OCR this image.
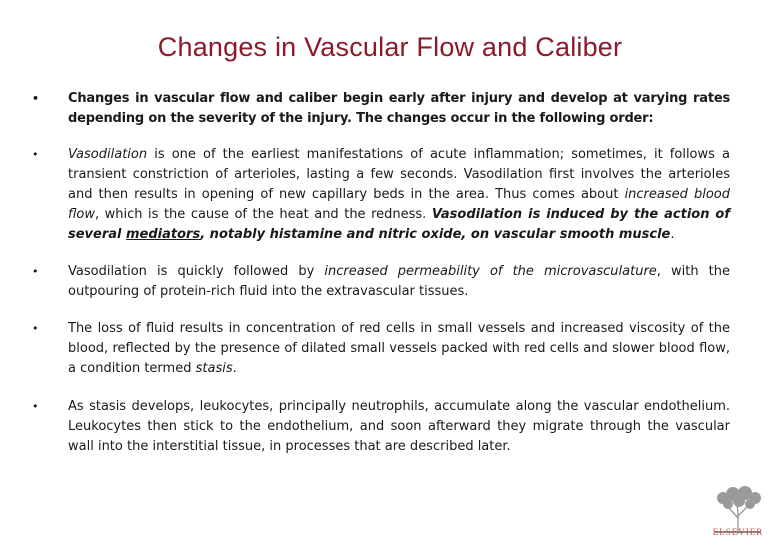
Changes in Vascular Flow and Caliber
• Changes in vascular flow and caliber begin early after injury and develop at varying rates depending on the severity of the injury. The changes occur in the following order:
• Vasodilation is one of the earliest manifestations of acute inflammation; sometimes, it follows a transient constriction of arterioles, lasting a few seconds. Vasodilation first involves the arterioles and then results in opening of new capillary beds in the area. Thus comes about increased blood flow, which is the cause of the heat and the redness. Vasodilation is induced by the action of several mediators, notably histamine and nitric oxide, on vascular smooth muscle.
• Vasodilation is quickly followed by increased permeability of the microvasculature, with the outpouring of protein-rich fluid into the extravascular tissues.
• The loss of fluid results in concentration of red cells in small vessels and increased viscosity of the blood, reflected by the presence of dilated small vessels packed with red cells and slower blood flow, a condition termed stasis.
• As stasis develops, leukocytes, principally neutrophils, accumulate along the vascular endothelium. Leukocytes then stick to the endothelium, and soon afterward they migrate through the vascular wall into the interstitial tissue, in processes that are described later.
ELSEVIER
